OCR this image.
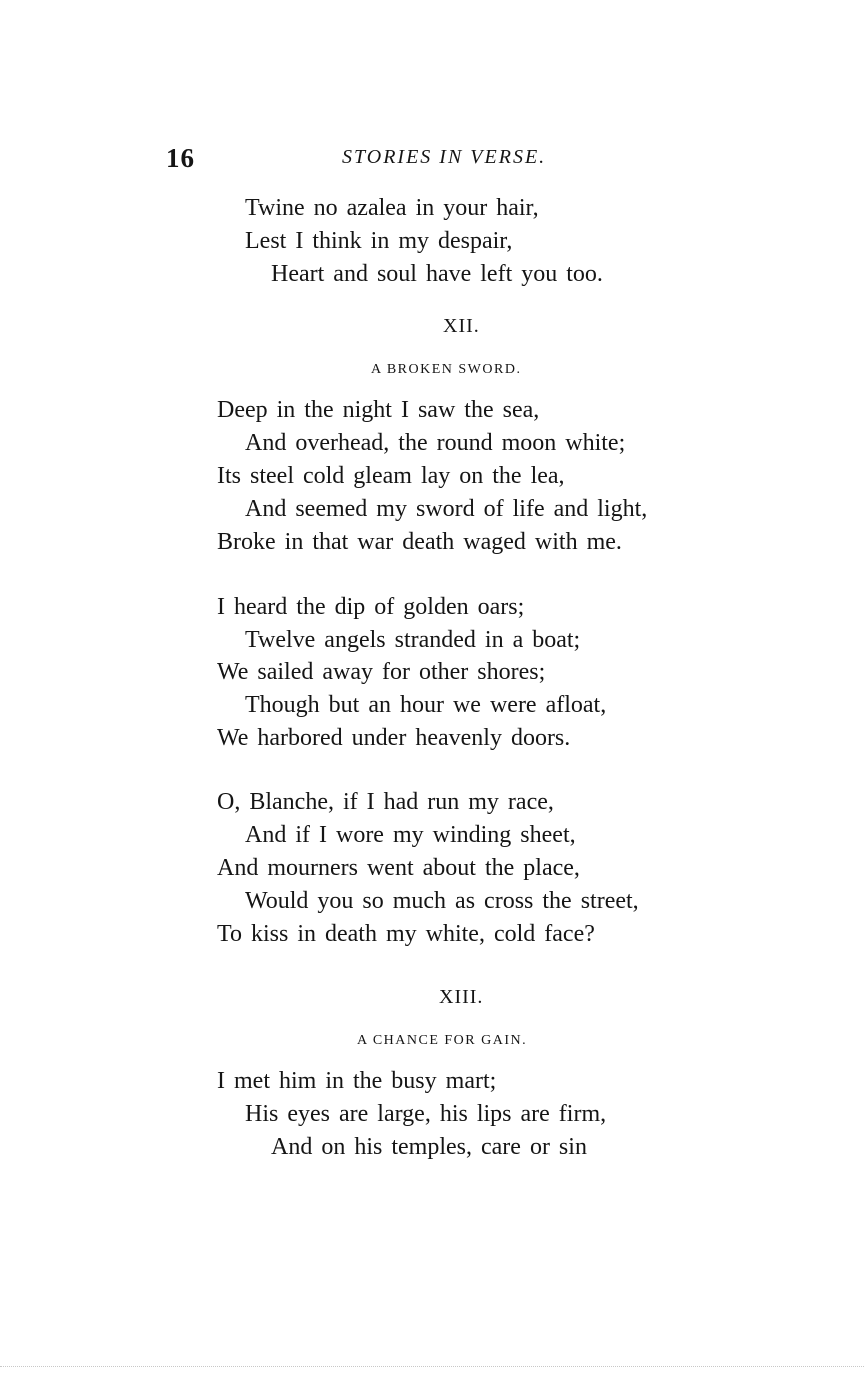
16	STORIES IN VERSE.
Twine no azalea in your hair,
Lest I think in my despair,
Heart and soul have left you too.
XII.
A BROKEN SWORD.
Deep in the night I saw the sea,
And overhead, the round moon white;
Its steel cold gleam lay on the lea,
And seemed my sword of life and light,
Broke in that war death waged with me.
I heard the dip of golden oars;
Twelve angels stranded in a boat;
We sailed away for other shores;
Though but an hour we were afloat,
We harbored under heavenly doors.
O, Blanche, if I had run my race,
And if I wore my winding sheet,
And mourners went about the place,
Would you so much as cross the street,
To kiss in death my white, cold face?
XIII.
A CHANCE FOR GAIN.
I met him in the busy mart;
His eyes are large, his lips are firm,
And on his temples, care or sin
